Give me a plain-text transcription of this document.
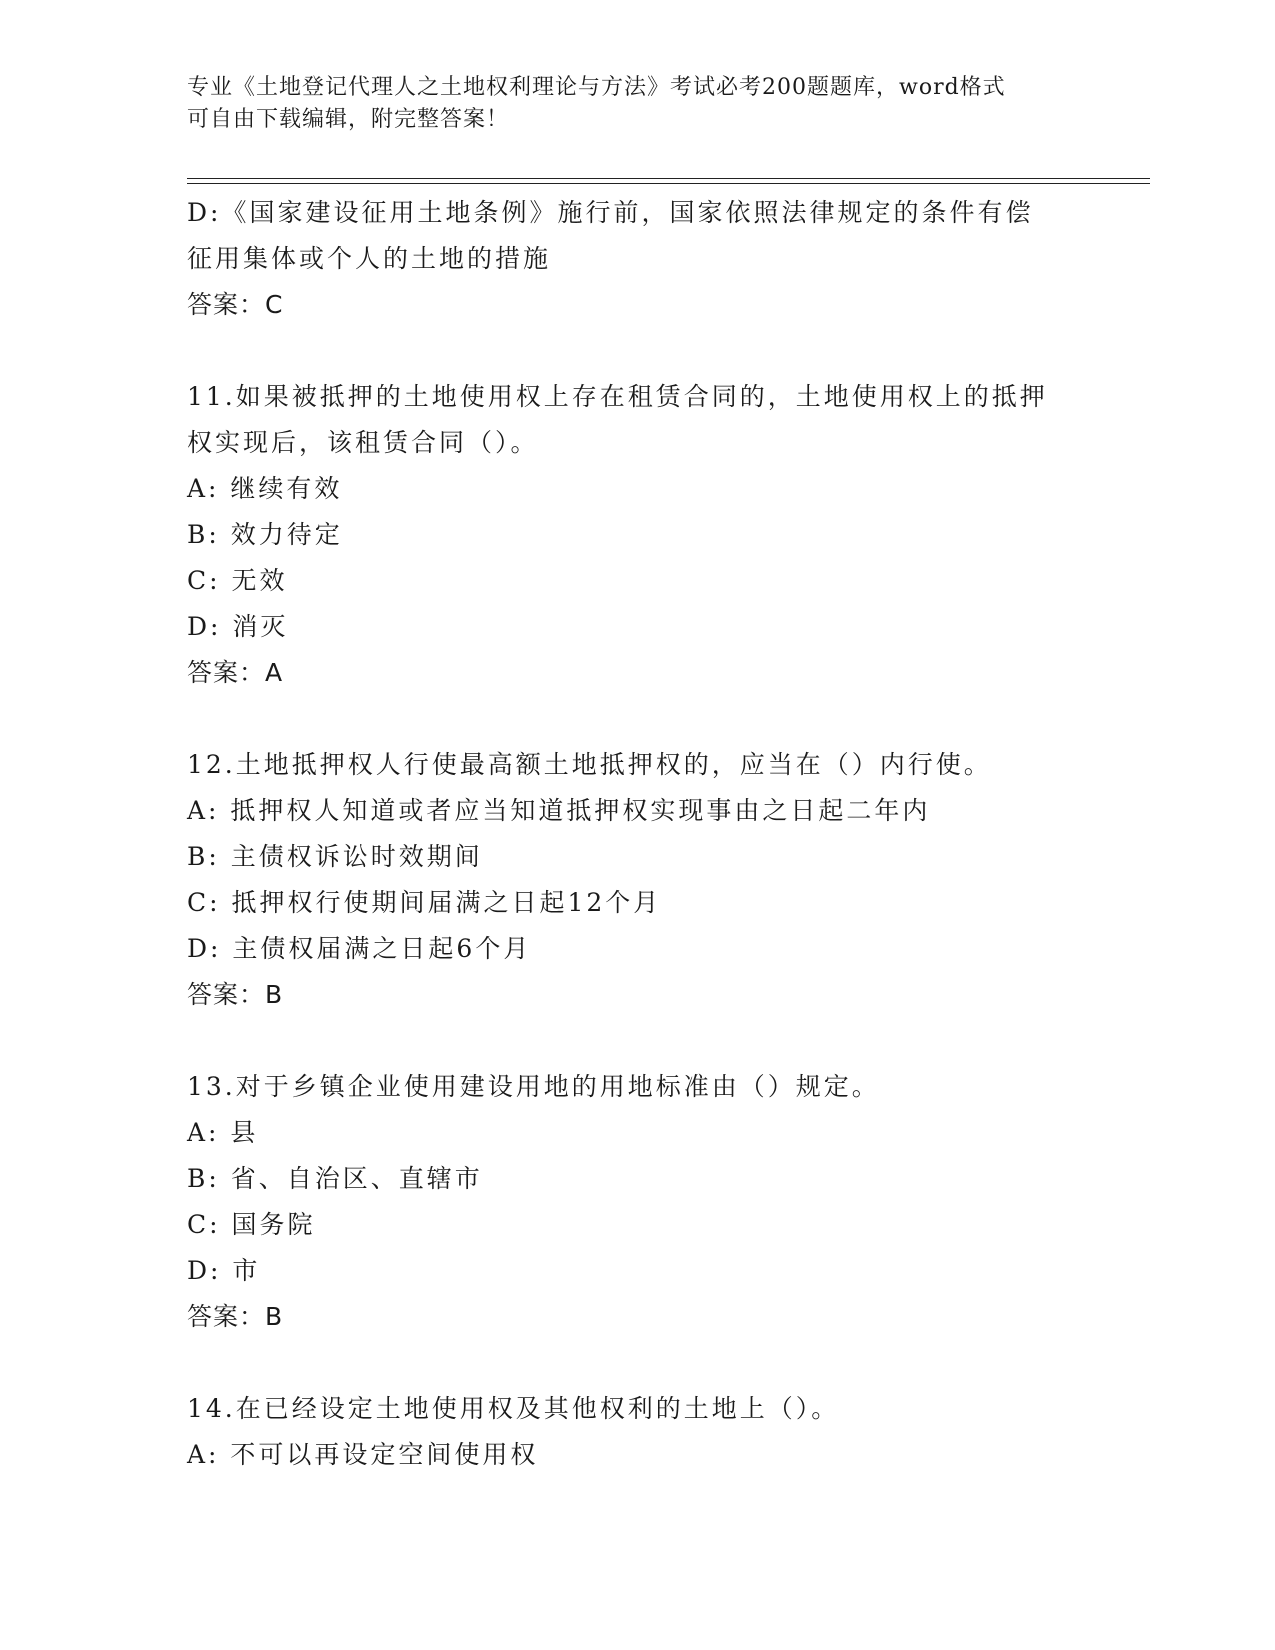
专业《土地登记代理人之土地权利理论与方法》考试必考200题题库，word格式
可自由下载编辑，附完整答案！
D:《国家建设征用土地条例》施行前，国家依照法律规定的条件有偿
征用集体或个人的土地的措施
答案：C
11.如果被抵押的土地使用权上存在租赁合同的，土地使用权上的抵押
权实现后，该租赁合同（）。
A: 继续有效
B: 效力待定
C: 无效
D: 消灭
答案：A
12.土地抵押权人行使最高额土地抵押权的，应当在（）内行使。
A: 抵押权人知道或者应当知道抵押权实现事由之日起二年内
B: 主债权诉讼时效期间
C: 抵押权行使期间届满之日起12个月
D: 主债权届满之日起6个月
答案：B
13.对于乡镇企业使用建设用地的用地标准由（）规定。
A: 县
B: 省、自治区、直辖市
C: 国务院
D: 市
答案：B
14.在已经设定土地使用权及其他权利的土地上（）。
A: 不可以再设定空间使用权
